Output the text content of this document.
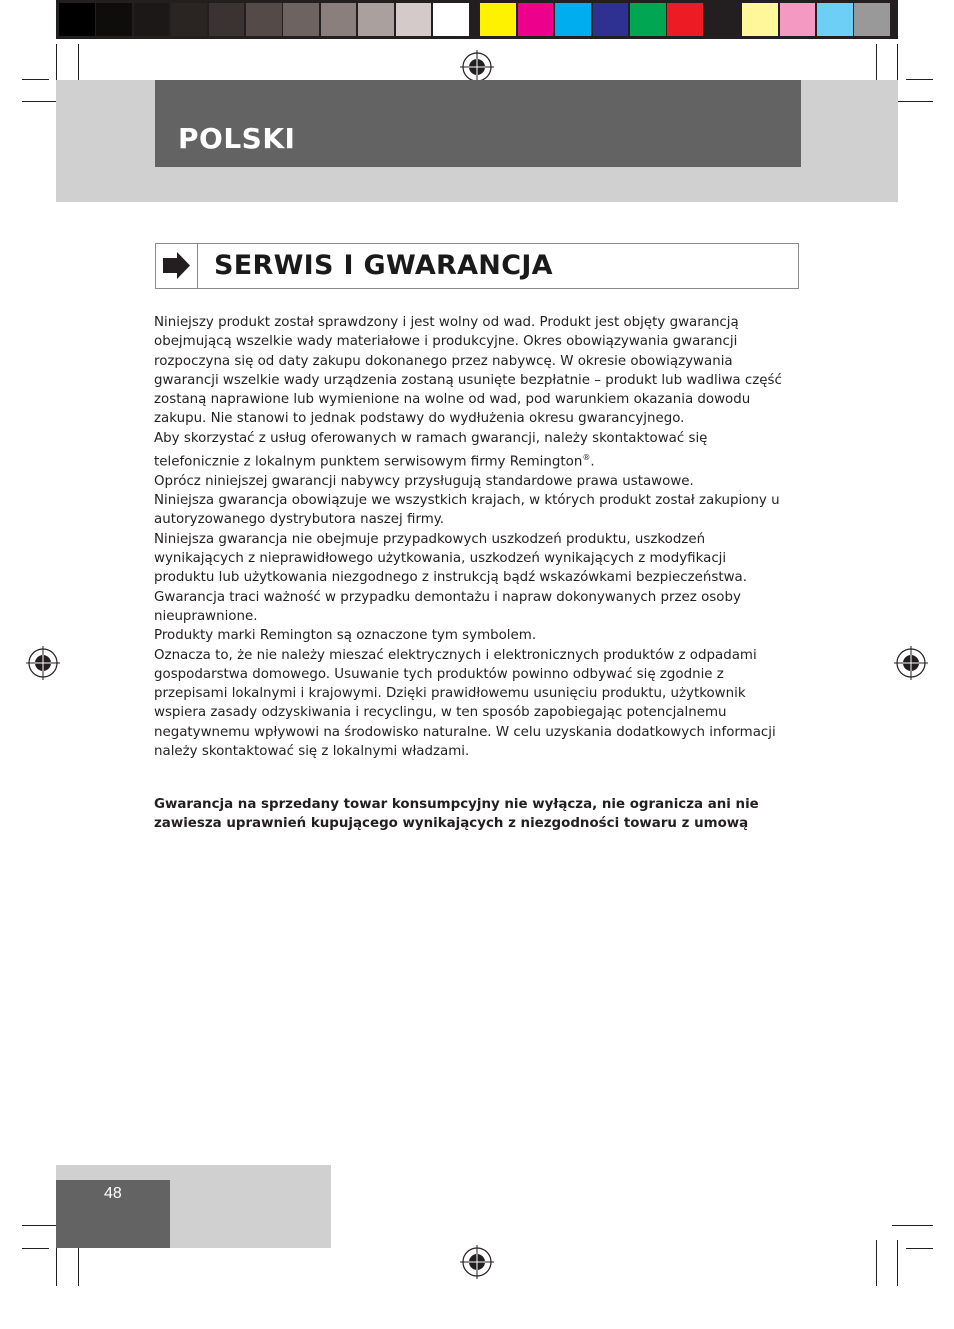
POLSKI
SERWIS I GWARANCJA

Niniejszy produkt został sprawdzony i jest wolny od wad. Produkt jest objęty gwarancją obejmującą wszelkie wady materiałowe i produkcyjne. Okres obowiązywania gwarancji rozpoczyna się od daty zakupu dokonanego przez nabywcę. W okresie obowiązywania gwarancji wszelkie wady urządzenia zostaną usunięte bezpłatnie – produkt lub wadliwa część zostaną naprawione lub wymienione na wolne od wad, pod warunkiem okazania dowodu zakupu. Nie stanowi to jednak podstawy do wydłużenia okresu gwarancyjnego.

Aby skorzystać z usług oferowanych w ramach gwarancji, należy skontaktować się telefonicznie z lokalnym punktem serwisowym firmy Remington®.

Oprócz niniejszej gwarancji nabywcy przysługują standardowe prawa ustawowe.

Niniejsza gwarancja obowiązuje we wszystkich krajach, w których produkt został zakupiony u autoryzowanego dystrybutora naszej firmy.

Niniejsza gwarancja nie obejmuje przypadkowych uszkodzeń produktu, uszkodzeń wynikających z nieprawidłowego użytkowania, uszkodzeń wynikających z modyfikacji produktu lub użytkowania niezgodnego z instrukcją bądź wskazówkami bezpieczeństwa. Gwarancja traci ważność w przypadku demontażu i napraw dokonywanych przez osoby nieuprawnione.

Produkty marki Remington są oznaczone tym symbolem.

Oznacza to, że nie należy mieszać elektrycznych i elektronicznych produktów z odpadami gospodarstwa domowego. Usuwanie tych produktów powinno odbywać się zgodnie z przepisami lokalnymi i krajowymi. Dzięki prawidłowemu usunięciu produktu, użytkownik wspiera zasady odzyskiwania i recyclingu, w ten sposób zapobiegając potencjalnemu negatywnemu wpływowi na środowisko naturalne. W celu uzyskania dodatkowych informacji należy skontaktować się z lokalnymi władzami.

Gwarancja na sprzedany towar konsumpcyjny nie wyłącza, nie ogranicza ani nie zawiesza uprawnień kupującego wynikających z niezgodności towaru z umową

48
